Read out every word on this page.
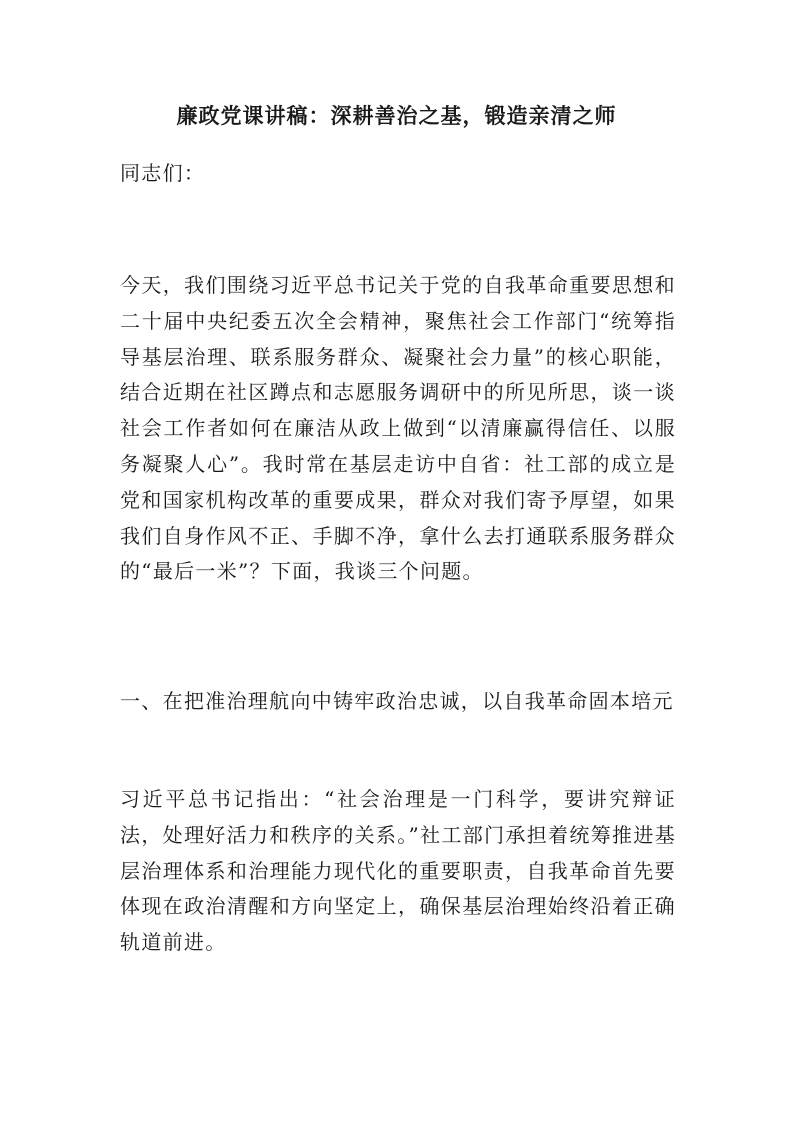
廉政党课讲稿：深耕善治之基，锻造亲清之师

同志们：

今天，我们围绕习近平总书记关于党的自我革命重要思想和二十届中央纪委五次全会精神，聚焦社会工作部门“统筹指导基层治理、联系服务群众、凝聚社会力量”的核心职能，结合近期在社区蹲点和志愿服务调研中的所见所思，谈一谈社会工作者如何在廉洁从政上做到“以清廉赢得信任、以服务凝聚人心”。我时常在基层走访中自省：社工部的成立是党和国家机构改革的重要成果，群众对我们寄予厚望，如果我们自身作风不正、手脚不净，拿什么去打通联系服务群众的“最后一米”？下面，我谈三个问题。

一、在把准治理航向中铸牢政治忠诚，以自我革命固本培元

习近平总书记指出：“社会治理是一门科学，要讲究辩证法，处理好活力和秩序的关系。”社工部门承担着统筹推进基层治理体系和治理能力现代化的重要职责，自我革命首先要体现在政治清醒和方向坚定上，确保基层治理始终沿着正确轨道前进。
